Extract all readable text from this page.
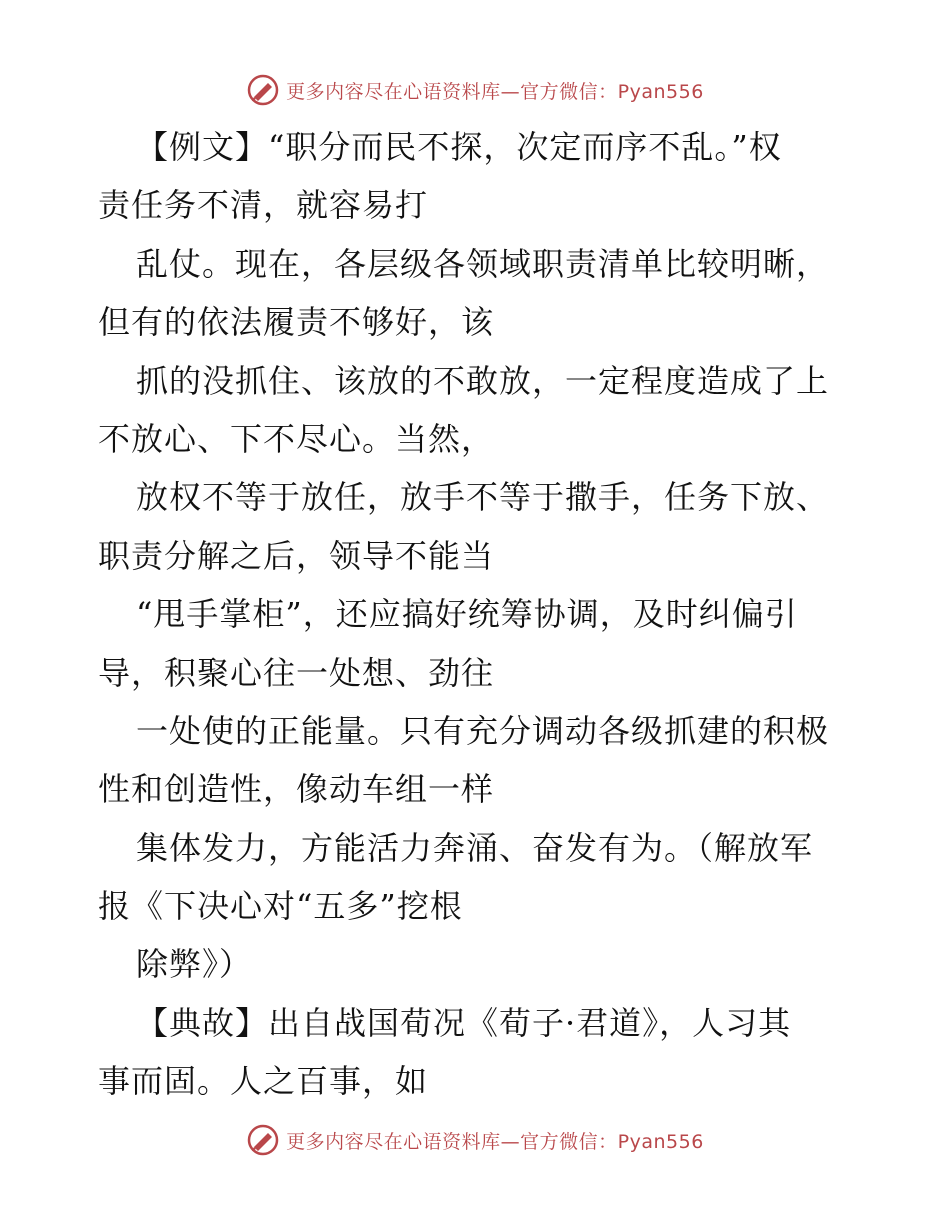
更多内容尽在心语资料库—官方微信：Pyan556
【例文】“职分而民不探，次定而序不乱。”权
责任务不清，就容易打
乱仗。现在，各层级各领域职责清单比较明晰，
但有的依法履责不够好，该
抓的没抓住、该放的不敢放，一定程度造成了上
不放心、下不尽心。当然，
放权不等于放任，放手不等于撒手，任务下放、
职责分解之后，领导不能当
“甩手掌柜”，还应搞好统筹协调，及时纠偏引
导，积聚心往一处想、劲往
一处使的正能量。只有充分调动各级抓建的积极
性和创造性，像动车组一样
集体发力，方能活力奔涌、奋发有为。（解放军
报《下决心对“五多”挖根
除弊》）
【典故】出自战国荀况《荀子·君道》，人习其
事而固。人之百事，如
更多内容尽在心语资料库—官方微信：Pyan556
